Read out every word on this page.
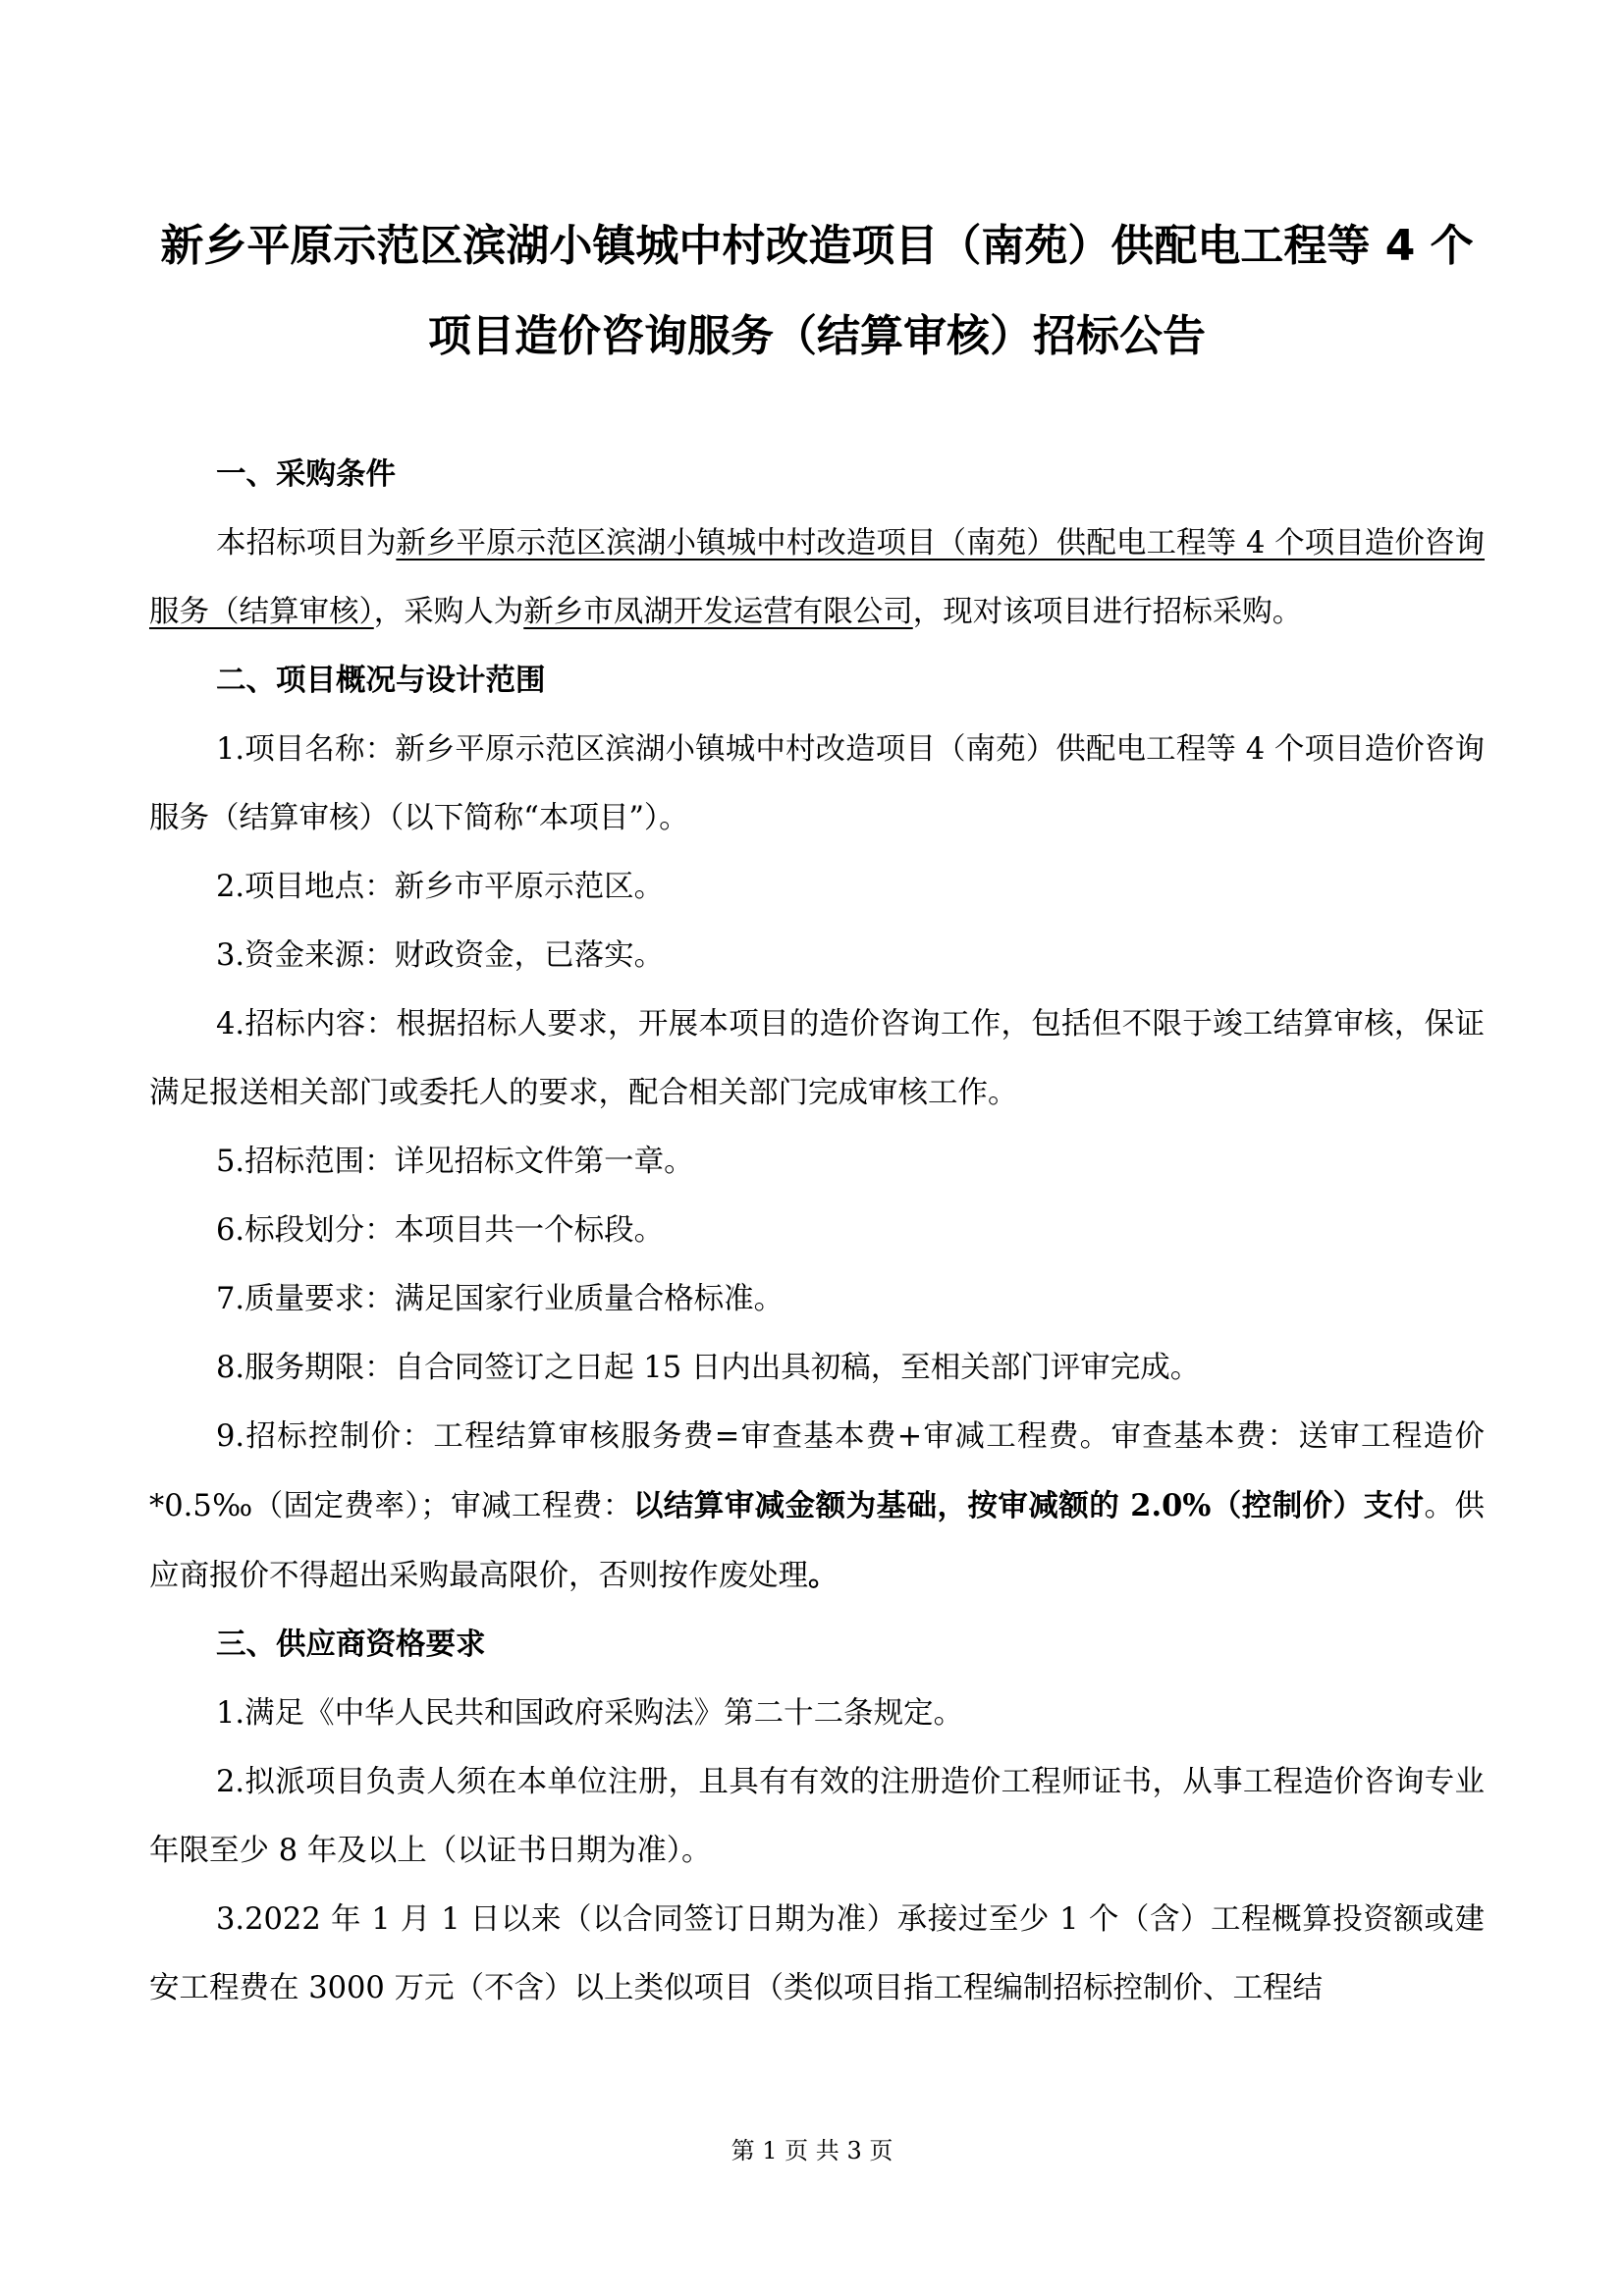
新乡平原示范区滨湖小镇城中村改造项目（南苑）供配电工程等 4 个
项目造价咨询服务（结算审核）招标公告

一、采购条件

本招标项目为新乡平原示范区滨湖小镇城中村改造项目（南苑）供配电工程等 4 个项目造价咨询服务（结算审核），采购人为新乡市凤湖开发运营有限公司，现对该项目进行招标采购。

二、项目概况与设计范围

1.项目名称：新乡平原示范区滨湖小镇城中村改造项目（南苑）供配电工程等 4 个项目造价咨询服务（结算审核）（以下简称“本项目”）。

2.项目地点：新乡市平原示范区。

3.资金来源：财政资金，已落实。

4.招标内容：根据招标人要求，开展本项目的造价咨询工作，包括但不限于竣工结算审核，保证满足报送相关部门或委托人的要求，配合相关部门完成审核工作。

5.招标范围：详见招标文件第一章。

6.标段划分：本项目共一个标段。

7.质量要求：满足国家行业质量合格标准。

8.服务期限：自合同签订之日起 15 日内出具初稿，至相关部门评审完成。

9.招标控制价：工程结算审核服务费=审查基本费+审减工程费。审查基本费：送审工程造价*0.5‰（固定费率）；审减工程费：以结算审减金额为基础，按审减额的 2.0%（控制价）支付。供应商报价不得超出采购最高限价，否则按作废处理。

三、供应商资格要求

1.满足《中华人民共和国政府采购法》第二十二条规定。

2.拟派项目负责人须在本单位注册，且具有有效的注册造价工程师证书，从事工程造价咨询专业年限至少 8 年及以上（以证书日期为准）。

3.2022 年 1 月 1 日以来（以合同签订日期为准）承接过至少 1 个（含）工程概算投资额或建安工程费在 3000 万元（不含）以上类似项目（类似项目指工程编制招标控制价、工程结

第 1 页 共 3 页
